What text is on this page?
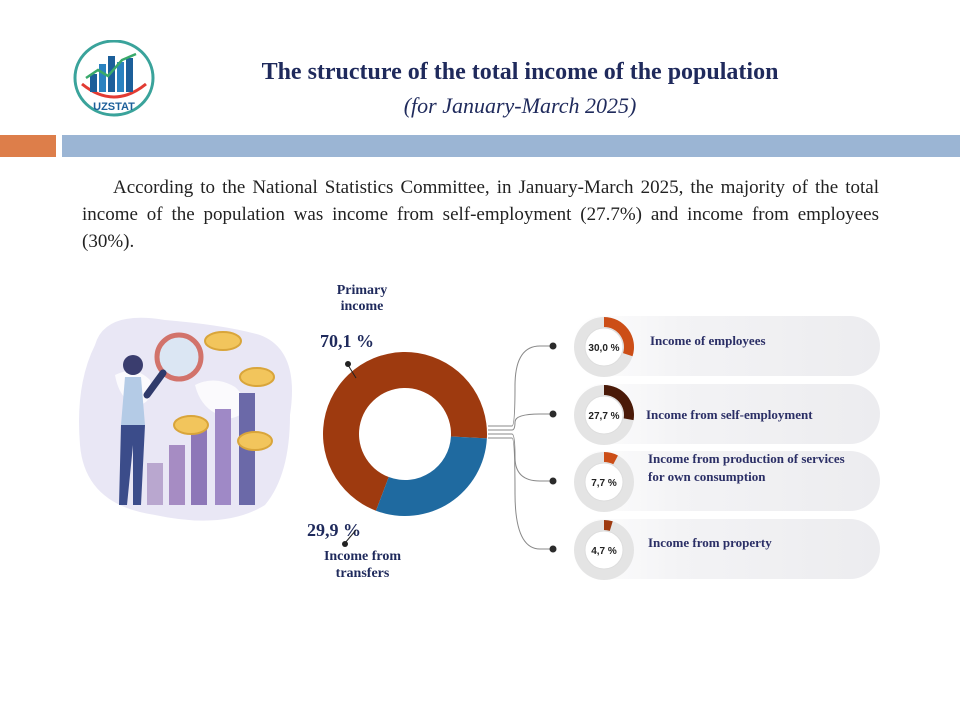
UZSTAT
The structure of the total income of the population
(for January-March 2025)
According to the National Statistics Committee, in January-March 2025, the majority of the total income of the population was income from self-employment (27.7%) and income from employees (30%).
Primary
income
70,1 %
29,9 %
Income from
transfers
30,0 %
Income of employees
27,7 % Income from self-employment
7,7 %
Income from production of services for own consumption
4,7 %
Income from property
